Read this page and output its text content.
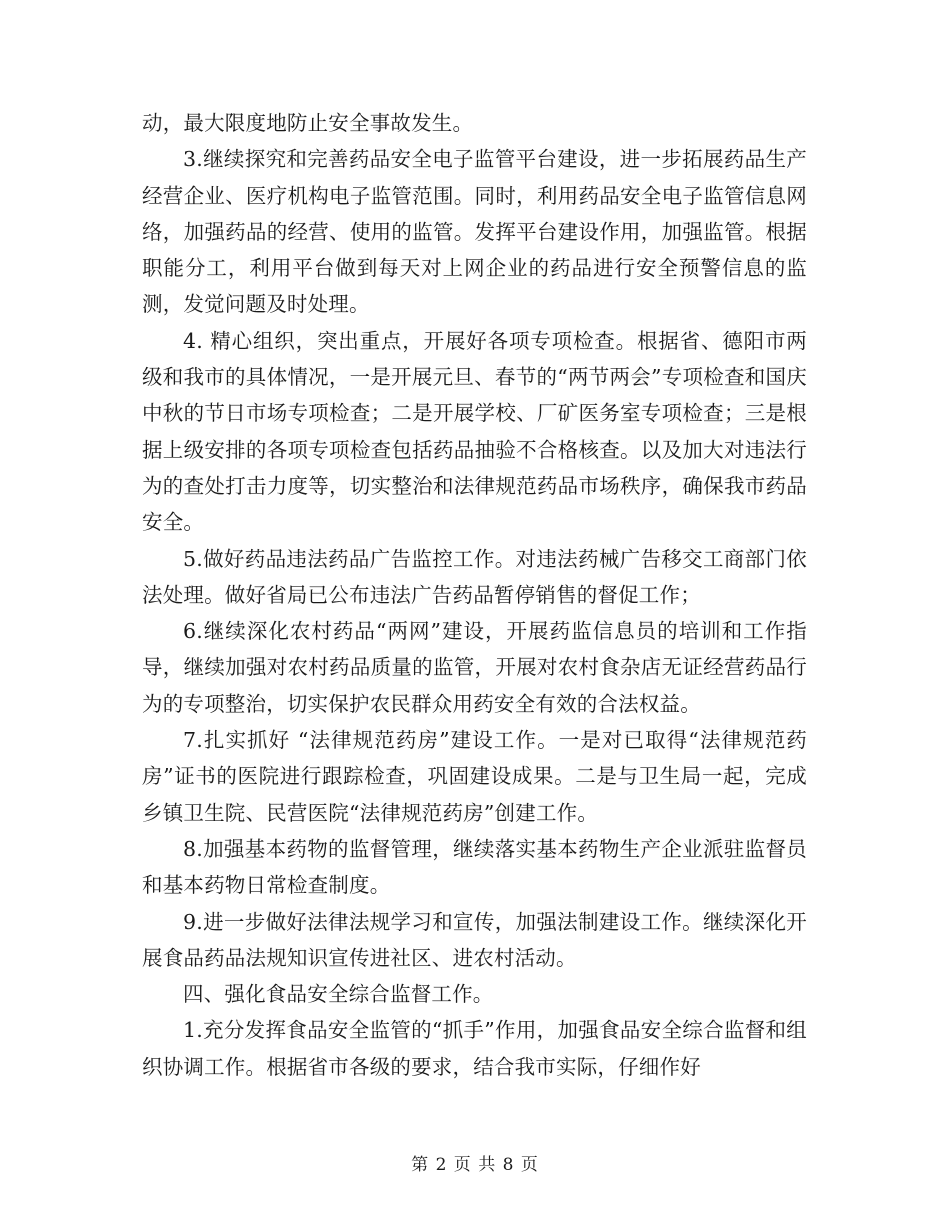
动，最大限度地防止安全事故发生。

3.继续探究和完善药品安全电子监管平台建设，进一步拓展药品生产经营企业、医疗机构电子监管范围。同时，利用药品安全电子监管信息网络，加强药品的经营、使用的监管。发挥平台建设作用，加强监管。根据职能分工，利用平台做到每天对上网企业的药品进行安全预警信息的监测，发觉问题及时处理。

4. 精心组织，突出重点，开展好各项专项检查。根据省、德阳市两级和我市的具体情况，一是开展元旦、春节的“两节两会”专项检查和国庆中秋的节日市场专项检查；二是开展学校、厂矿医务室专项检查；三是根据上级安排的各项专项检查包括药品抽验不合格核查。以及加大对违法行为的查处打击力度等，切实整治和法律规范药品市场秩序，确保我市药品安全。

5.做好药品违法药品广告监控工作。对违法药械广告移交工商部门依法处理。做好省局已公布违法广告药品暂停销售的督促工作；

6.继续深化农村药品“两网”建设，开展药监信息员的培训和工作指导，继续加强对农村药品质量的监管，开展对农村食杂店无证经营药品行为的专项整治，切实保护农民群众用药安全有效的合法权益。

7.扎实抓好 “法律规范药房”建设工作。一是对已取得“法律规范药房”证书的医院进行跟踪检查，巩固建设成果。二是与卫生局一起，完成乡镇卫生院、民营医院“法律规范药房”创建工作。

8.加强基本药物的监督管理，继续落实基本药物生产企业派驻监督员和基本药物日常检查制度。

9.进一步做好法律法规学习和宣传，加强法制建设工作。继续深化开展食品药品法规知识宣传进社区、进农村活动。

四、强化食品安全综合监督工作。

1.充分发挥食品安全监管的“抓手”作用，加强食品安全综合监督和组织协调工作。根据省市各级的要求，结合我市实际，仔细作好

第 2 页 共 8 页
